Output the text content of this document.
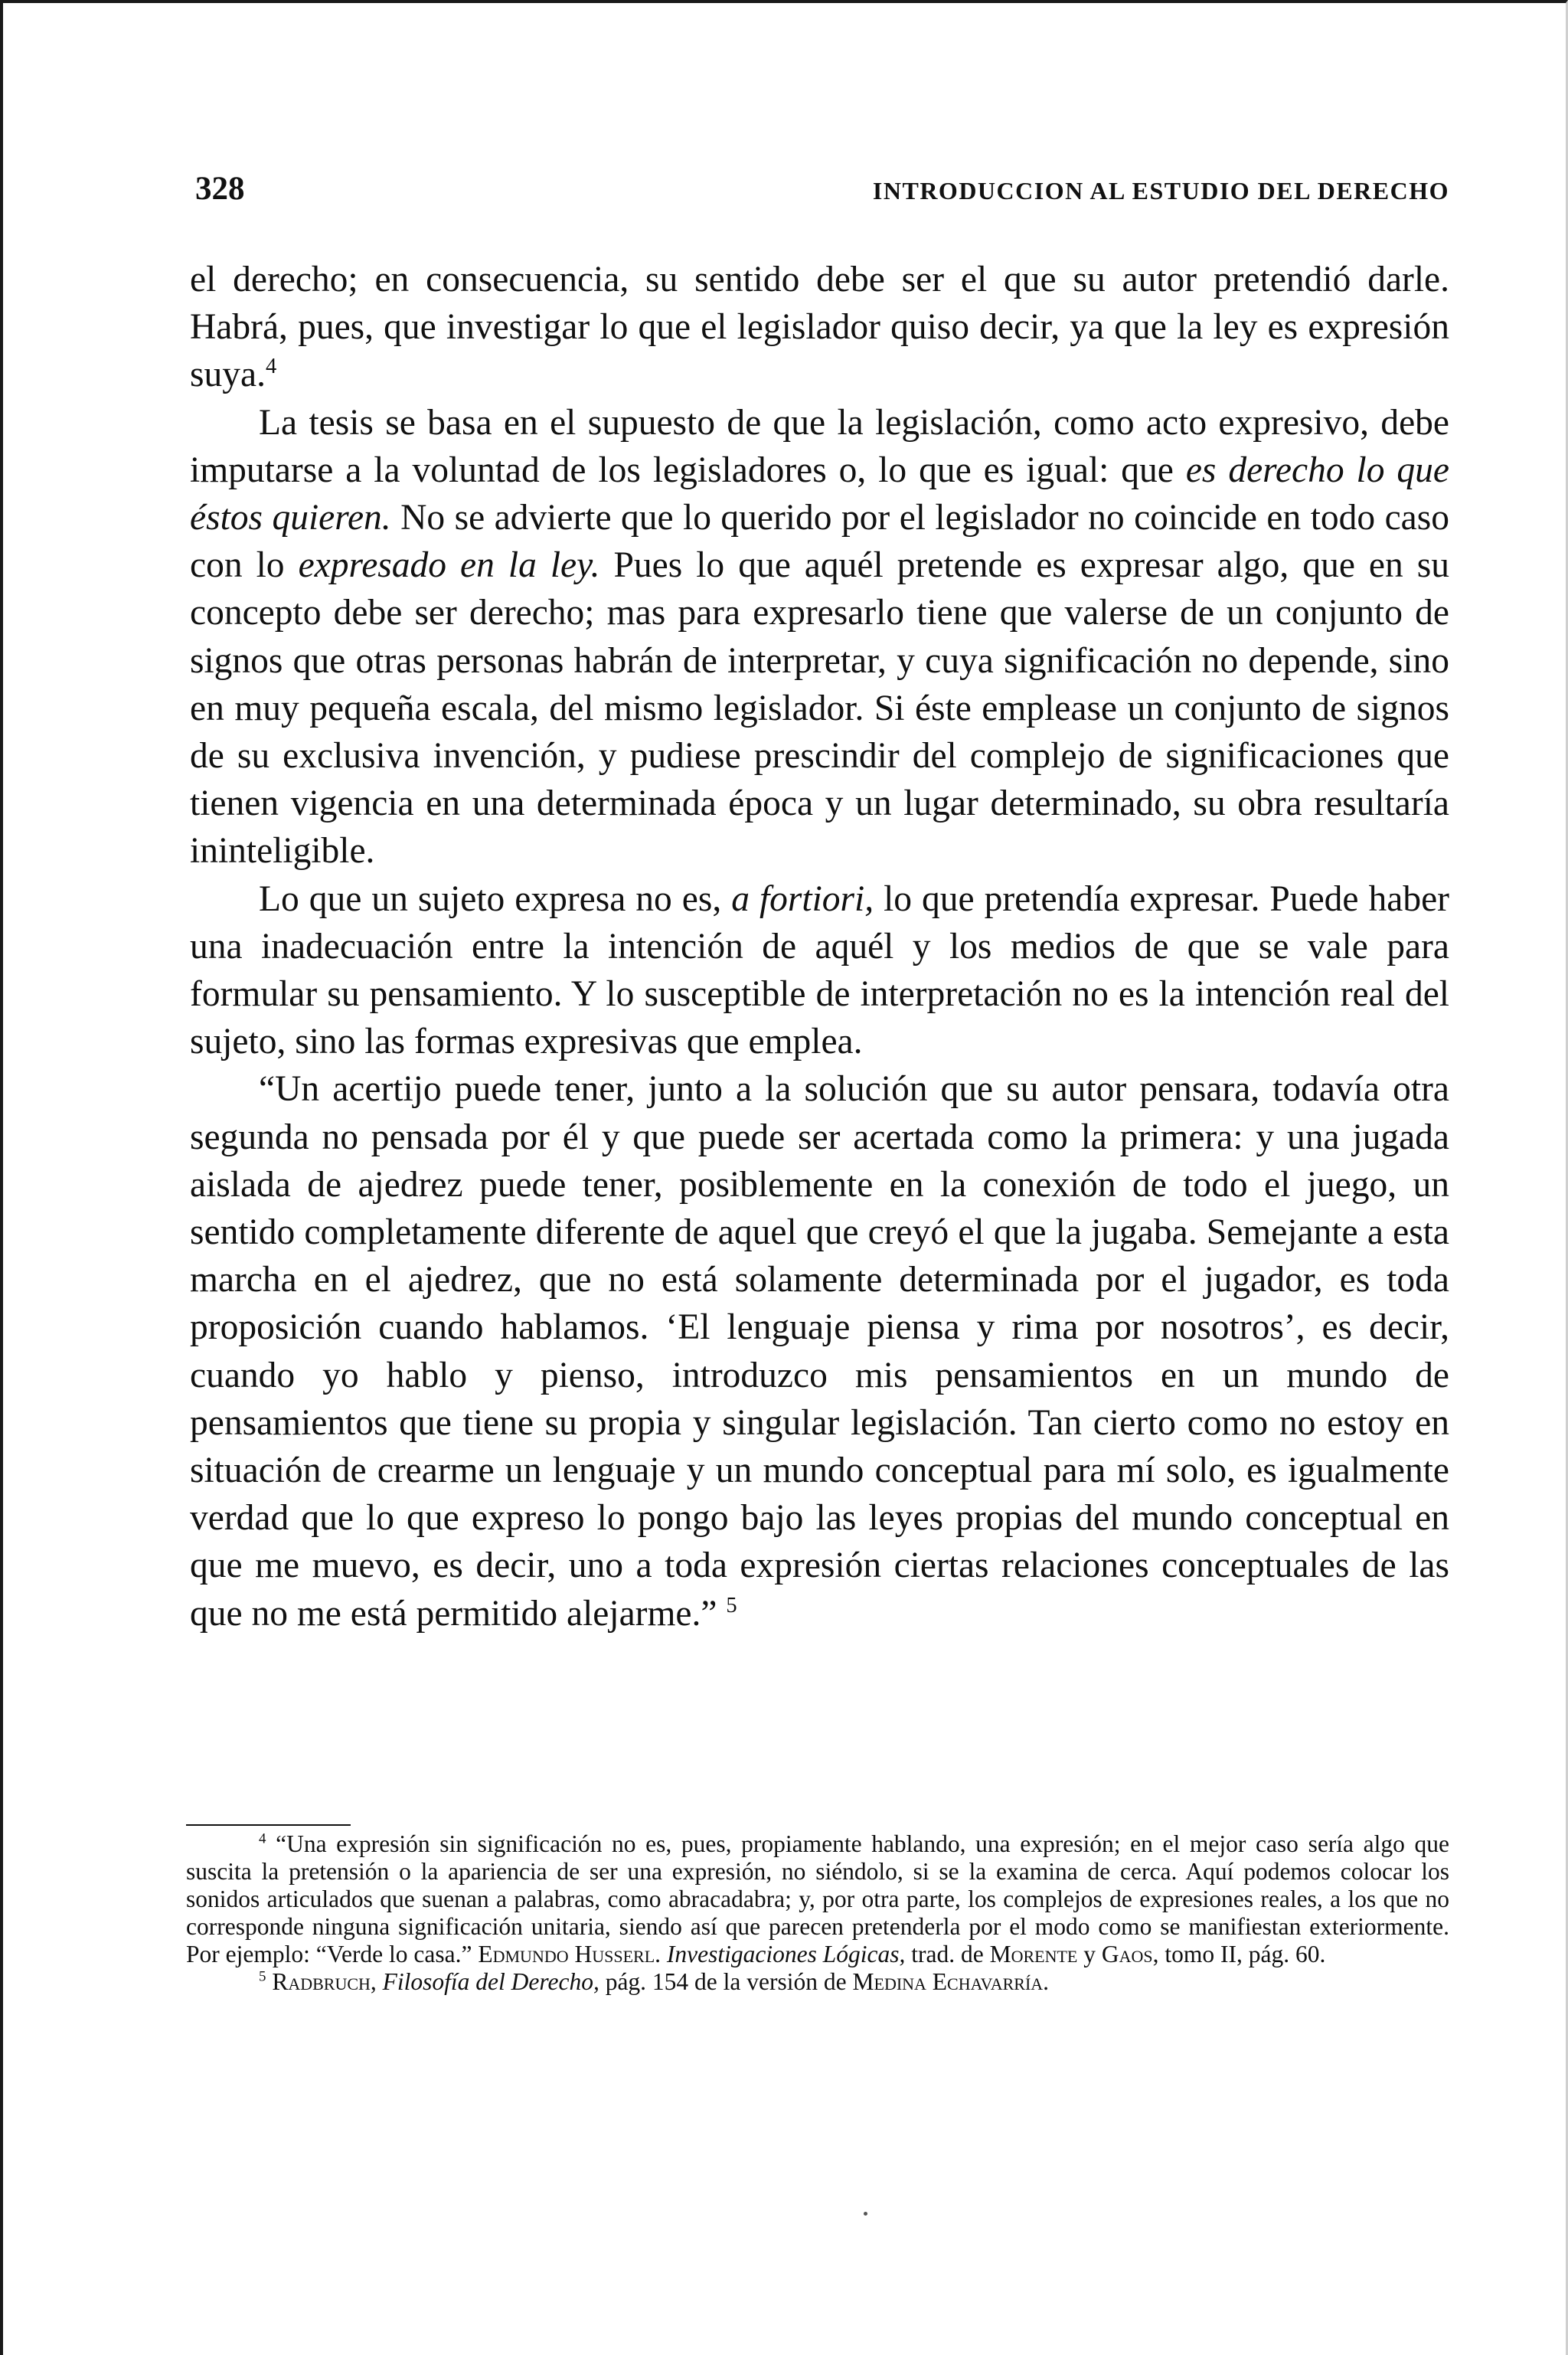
328	INTRODUCCION AL ESTUDIO DEL DERECHO

el derecho; en consecuencia, su sentido debe ser el que su autor pretendió darle. Habrá, pues, que investigar lo que el legislador quiso decir, ya que la ley es expresión suya.$^4$

La tesis se basa en el supuesto de que la legislación, como acto expresivo, debe imputarse a la voluntad de los legisladores o, lo que es igual: que es derecho lo que éstos quieren. No se advierte que lo querido por el legislador no coincide en todo caso con lo expresado en la ley. Pues lo que aquél pretende es expresar algo, que en su concepto debe ser derecho; mas para expresarlo tiene que valerse de un conjunto de signos que otras personas habrán de interpretar, y cuya significación no depende, sino en muy pequeña escala, del mismo legislador. Si éste emplease un conjunto de signos de su exclusiva invención, y pudiese prescindir del complejo de significaciones que tienen vigencia en una determinada época y un lugar determinado, su obra resultaría ininteligible.

Lo que un sujeto expresa no es, a fortiori, lo que pretendía expresar. Puede haber una inadecuación entre la intención de aquél y los medios de que se vale para formular su pensamiento. Y lo susceptible de interpretación no es la intención real del sujeto, sino las formas expresivas que emplea.

“Un acertijo puede tener, junto a la solución que su autor pensara, todavía otra segunda no pensada por él y que puede ser acertada como la primera: y una jugada aislada de ajedrez puede tener, posiblemente en la conexión de todo el juego, un sentido completamente diferente de aquel que creyó el que la jugaba. Semejante a esta marcha en el ajedrez, que no está solamente determinada por el jugador, es toda proposición cuando hablamos. ‘El lenguaje piensa y rima por nosotros’, es decir, cuando yo hablo y pienso, introduzco mis pensamientos en un mundo de pensamientos que tiene su propia y singular legislación. Tan cierto como no estoy en situación de crearme un lenguaje y un mundo conceptual para mí solo, es igualmente verdad que lo que expreso lo pongo bajo las leyes propias del mundo conceptual en que me muevo, es decir, uno a toda expresión ciertas relaciones conceptuales de las que no me está permitido alejarme.” $^5$

$^4$ “Una expresión sin significación no es, pues, propiamente hablando, una expresión; en el mejor caso sería algo que suscita la pretensión o la apariencia de ser una expresión, no siéndolo, si se la examina de cerca. Aquí podemos colocar los sonidos articulados que suenan a palabras, como abracadabra; y, por otra parte, los complejos de expresiones reales, a los que no corresponde ninguna significación unitaria, siendo así que parecen pretenderla por el modo como se manifiestan exteriormente. Por ejemplo: “Verde lo casa.” Edmundo Husserl. Investigaciones Lógicas, trad. de Morente y Gaos, tomo II, pág. 60.

$^5$ Radbruch, Filosofía del Derecho, pág. 154 de la versión de Medina Echavarría.
